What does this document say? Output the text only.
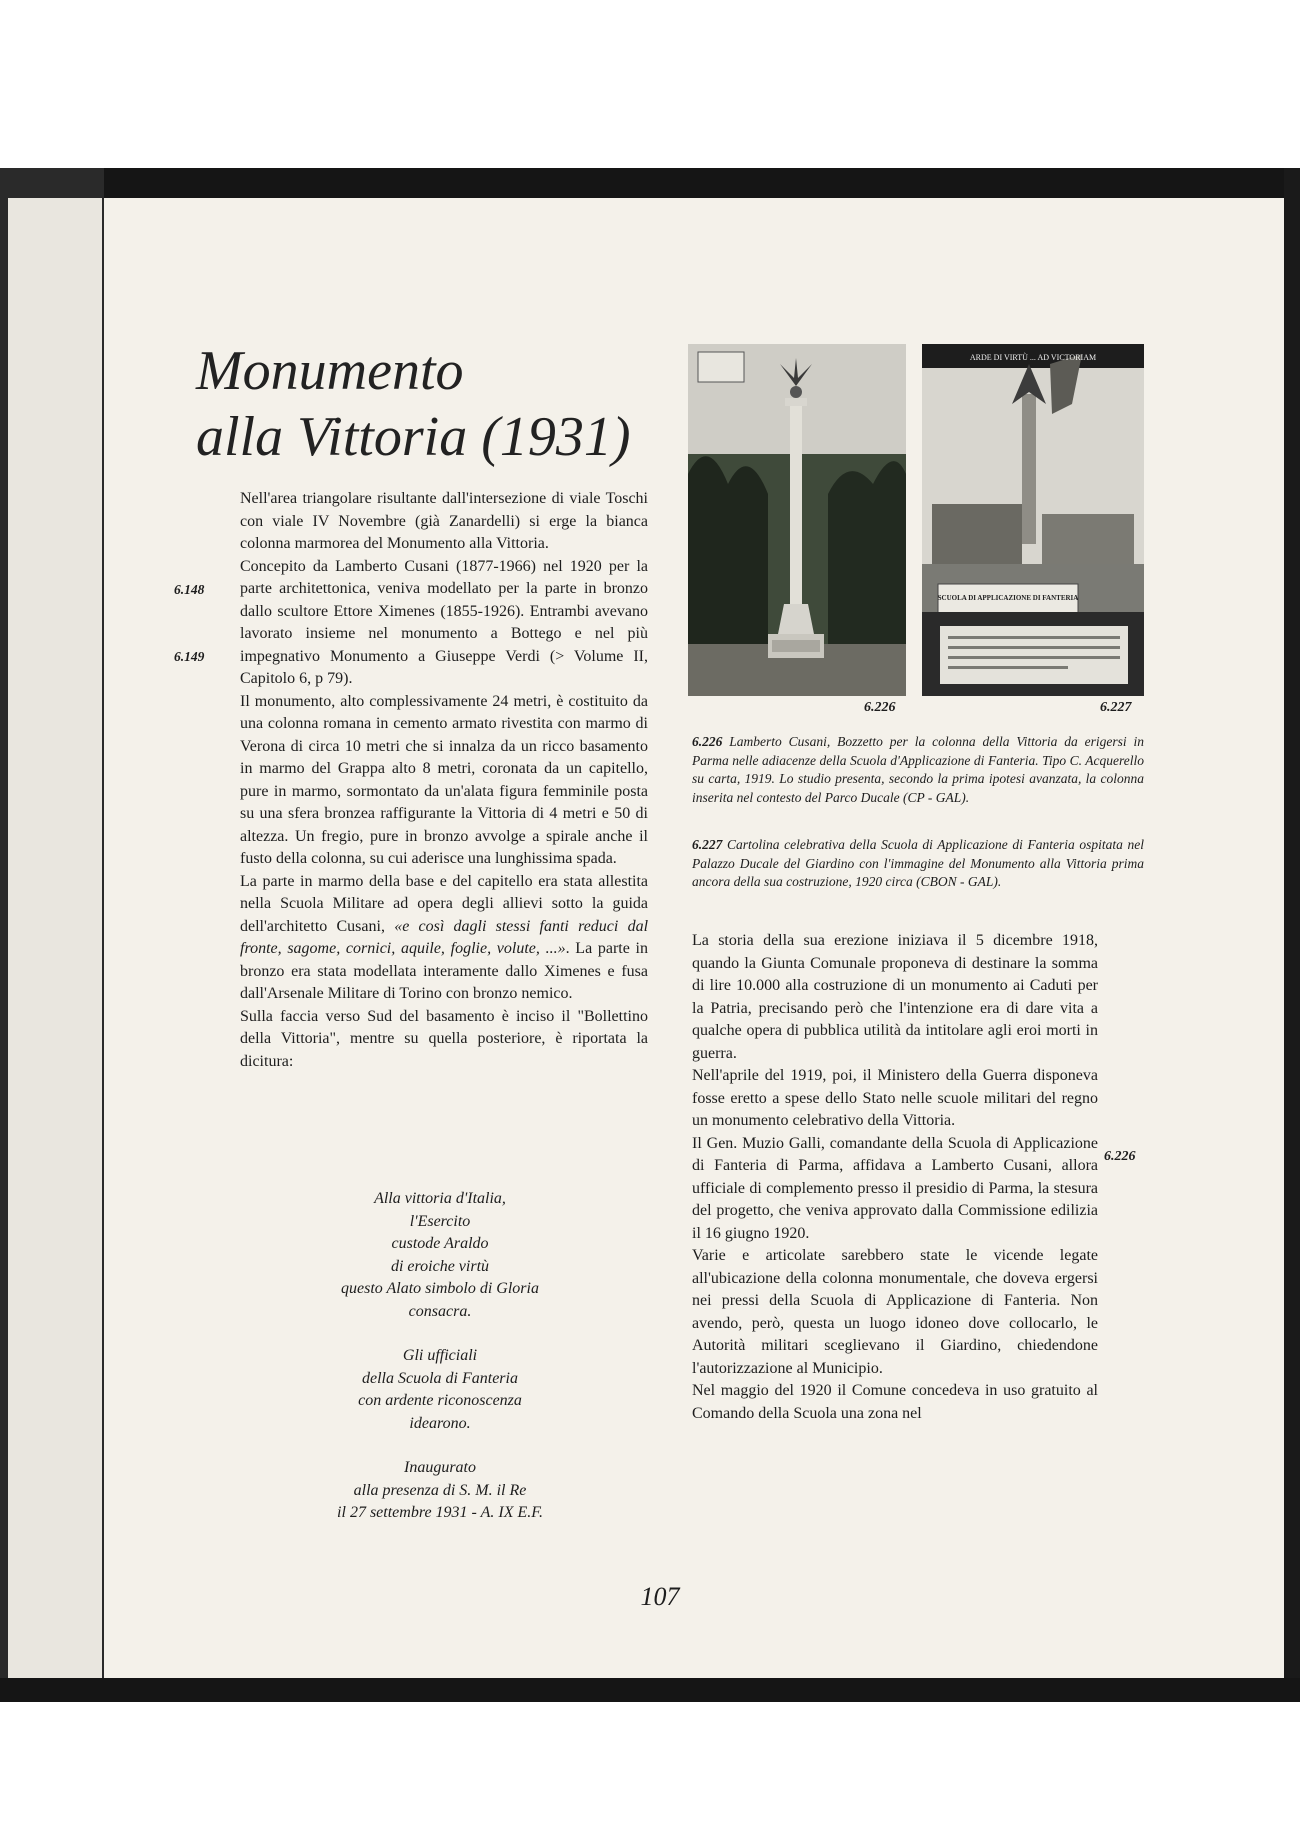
Monumento
alla Vittoria (1931)

Nell'area triangolare risultante dall'intersezione di viale Toschi con viale IV Novembre (già Zanardelli) si erge la bianca colonna marmorea del Monumento alla Vittoria.

Concepito da Lamberto Cusani (1877-1966) nel 1920 per la parte architettonica, veniva modellato per la parte in bronzo dallo scultore Ettore Ximenes (1855-1926). Entrambi avevano lavorato insieme nel monumento a Bottego e nel più impegnativo Monumento a Giuseppe Verdi (> Volume II, Capitolo 6, p 79).

Il monumento, alto complessivamente 24 metri, è costituito da una colonna romana in cemento armato rivestita con marmo di Verona di circa 10 metri che si innalza da un ricco basamento in marmo del Grappa alto 8 metri, coronata da un capitello, pure in marmo, sormontato da un'alata figura femminile posta su una sfera bronzea raffigurante la Vittoria di 4 metri e 50 di altezza. Un fregio, pure in bronzo avvolge a spirale anche il fusto della colonna, su cui aderisce una lunghissima spada.

La parte in marmo della base e del capitello era stata allestita nella Scuola Militare ad opera degli allievi sotto la guida dell'architetto Cusani, «e così dagli stessi fanti reduci dal fronte, sagome, cornici, aquile, foglie, volute, ...». La parte in bronzo era stata modellata interamente dallo Ximenes e fusa dall'Arsenale Militare di Torino con bronzo nemico.

Sulla faccia verso Sud del basamento è inciso il "Bollettino della Vittoria", mentre su quella posteriore, è riportata la dicitura:

6.148
6.149

Alla vittoria d'Italia,
l'Esercito
custode Araldo
di eroiche virtù
questo Alato simbolo di Gloria
consacra.

Gli ufficiali
della Scuola di Fanteria
con ardente riconoscenza
idearono.

Inaugurato
alla presenza di S. M. il Re
il 27 settembre 1931 - A. IX E.F.

ARDE DI VIRTÙ ... AD VICTORIAM
SCUOLA DI APPLICAZIONE DI FANTERIA
6.226	6.227

6.226 Lamberto Cusani, Bozzetto per la colonna della Vittoria da erigersi in Parma nelle adiacenze della Scuola d'Applicazione di Fanteria. Tipo C. Acquerello su carta, 1919. Lo studio presenta, secondo la prima ipotesi avanzata, la colonna inserita nel contesto del Parco Ducale (CP - GAL).

6.227 Cartolina celebrativa della Scuola di Applicazione di Fanteria ospitata nel Palazzo Ducale del Giardino con l'immagine del Monumento alla Vittoria prima ancora della sua costruzione, 1920 circa (CBON - GAL).

La storia della sua erezione iniziava il 5 dicembre 1918, quando la Giunta Comunale proponeva di destinare la somma di lire 10.000 alla costruzione di un monumento ai Caduti per la Patria, precisando però che l'intenzione era di dare vita a qualche opera di pubblica utilità da intitolare agli eroi morti in guerra.

Nell'aprile del 1919, poi, il Ministero della Guerra disponeva fosse eretto a spese dello Stato nelle scuole militari del regno un monumento celebrativo della Vittoria.

Il Gen. Muzio Galli, comandante della Scuola di Applicazione di Fanteria di Parma, affidava a Lamberto Cusani, allora ufficiale di complemento presso il presidio di Parma, la stesura del progetto, che veniva approvato dalla Commissione edilizia il 16 giugno 1920.

Varie e articolate sarebbero state le vicende legate all'ubicazione della colonna monumentale, che doveva ergersi nei pressi della Scuola di Applicazione di Fanteria. Non avendo, però, questa un luogo idoneo dove collocarlo, le Autorità militari sceglievano il Giardino, chiedendone l'autorizzazione al Municipio.

Nel maggio del 1920 il Comune concedeva in uso gratuito al Comando della Scuola una zona nel

6.226
107
